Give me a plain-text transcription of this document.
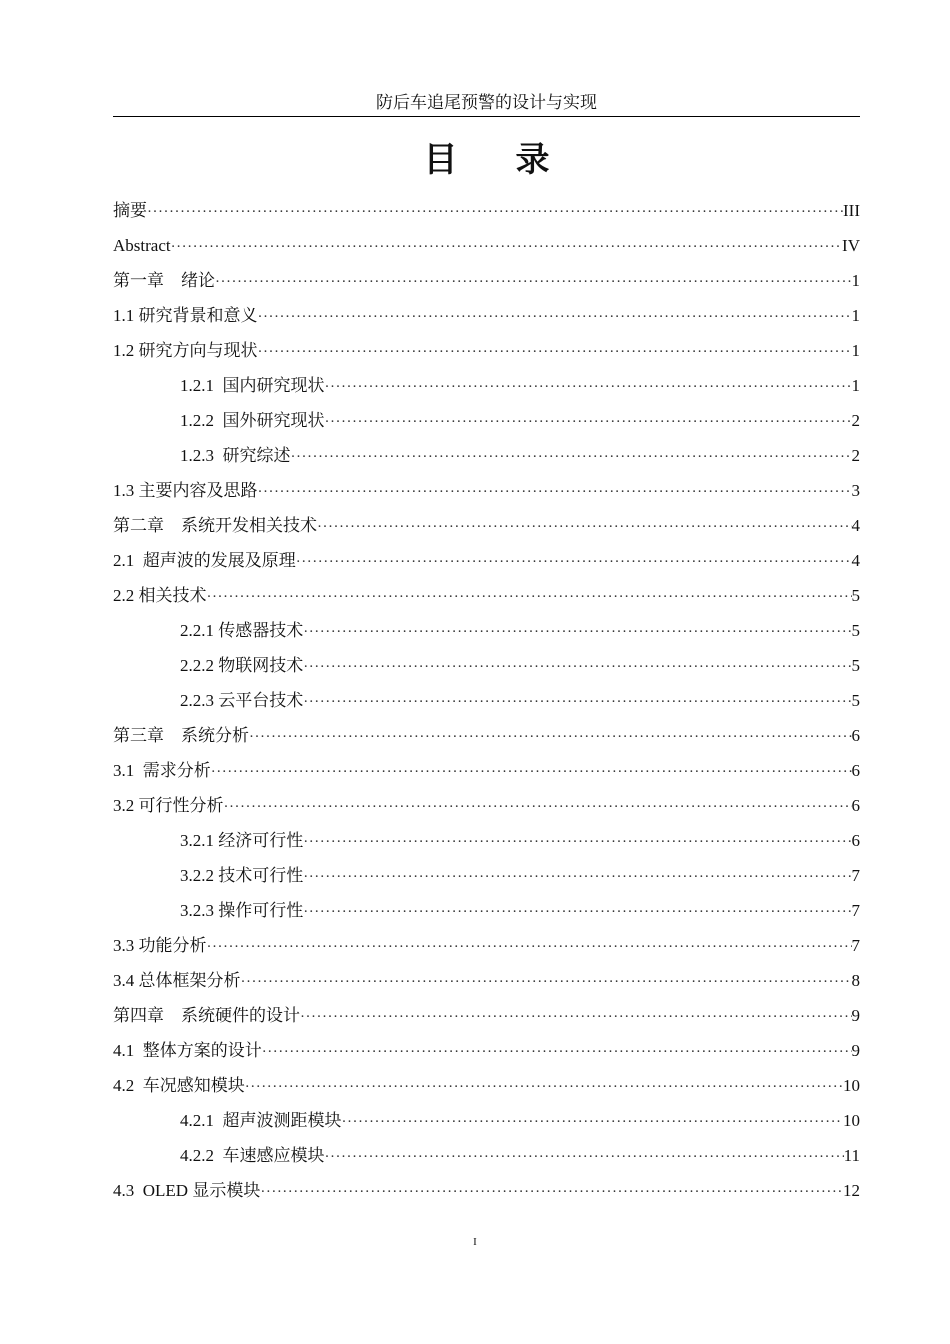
防后车追尾预警的设计与实现
目 录
摘要 ·····	III
Abstract ·····	IV
第一章　绪论 ·····	1
1.1 研究背景和意义 ·····	1
1.2 研究方向与现状 ·····	1
1.2.1  国内研究现状 ·····	1
1.2.2  国外研究现状 ·····	2
1.2.3  研究综述 ·····	2
1.3 主要内容及思路 ·····	3
第二章　系统开发相关技术 ·····	4
2.1  超声波的发展及原理 ·····	4
2.2 相关技术 ·····	5
2.2.1 传感器技术 ·····	5
2.2.2 物联网技术 ·····	5
2.2.3 云平台技术 ·····	5
第三章　系统分析 ·····	6
3.1  需求分析 ·····	6
3.2 可行性分析 ·····	6
3.2.1 经济可行性 ·····	6
3.2.2 技术可行性 ·····	7
3.2.3 操作可行性 ·····	7
3.3 功能分析 ·····	7
3.4 总体框架分析 ·····	8
第四章　系统硬件的设计 ·····	9
4.1  整体方案的设计 ·····	9
4.2  车况感知模块 ·····	10
4.2.1  超声波测距模块 ·····	10
4.2.2  车速感应模块 ·····	11
4.3  OLED 显示模块 ·····	12
I
